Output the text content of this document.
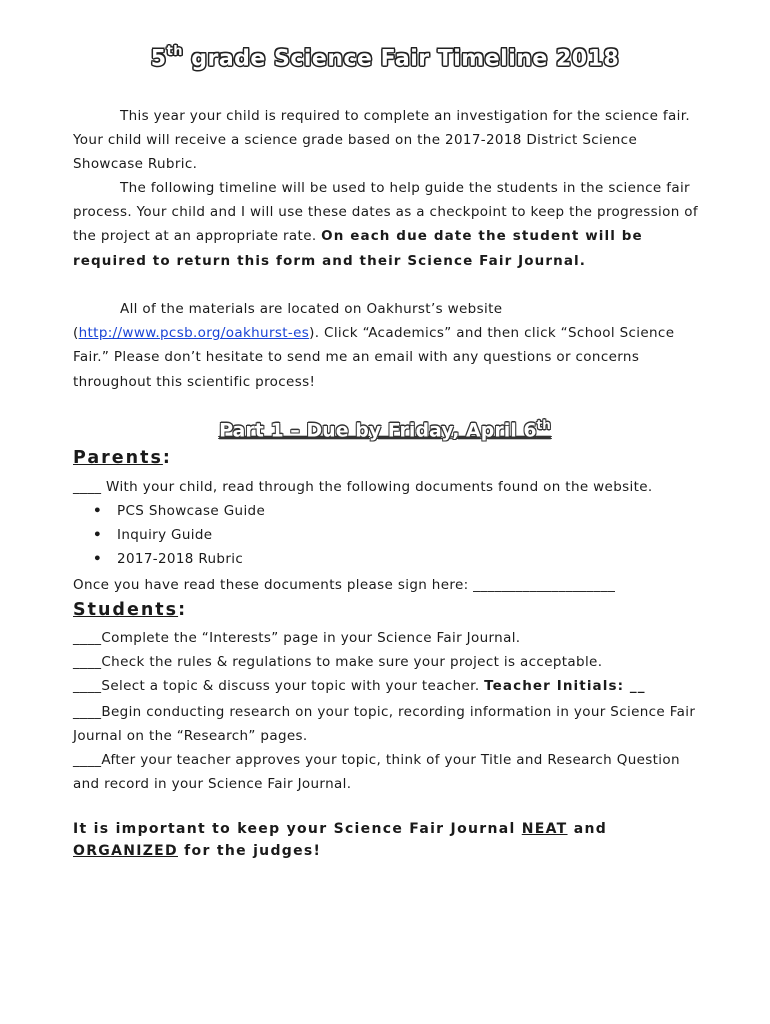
5th grade Science Fair Timeline 2018
This year your child is required to complete an investigation for the science fair. Your child will receive a science grade based on the 2017-2018 District Science Showcase Rubric.
The following timeline will be used to help guide the students in the science fair process. Your child and I will use these dates as a checkpoint to keep the progression of the project at an appropriate rate. On each due date the student will be required to return this form and their Science Fair Journal.
All of the materials are located on Oakhurst’s website (http://www.pcsb.org/oakhurst-es). Click “Academics” and then click “School Science Fair.” Please don’t hesitate to send me an email with any questions or concerns throughout this scientific process!
Part 1 – Due by Friday, April 6th
Parents:
____ With your child, read through the following documents found on the website.
• PCS Showcase Guide
• Inquiry Guide
• 2017-2018 Rubric
Once you have read these documents please sign here: ____________________
Students:
____Complete the “Interests” page in your Science Fair Journal.
____Check the rules & regulations to make sure your project is acceptable.
____Select a topic & discuss your topic with your teacher. Teacher Initials: __
____Begin conducting research on your topic, recording information in your Science Fair Journal on the “Research” pages.
____After your teacher approves your topic, think of your Title and Research Question and record in your Science Fair Journal.
It is important to keep your Science Fair Journal NEAT and ORGANIZED for the judges!
